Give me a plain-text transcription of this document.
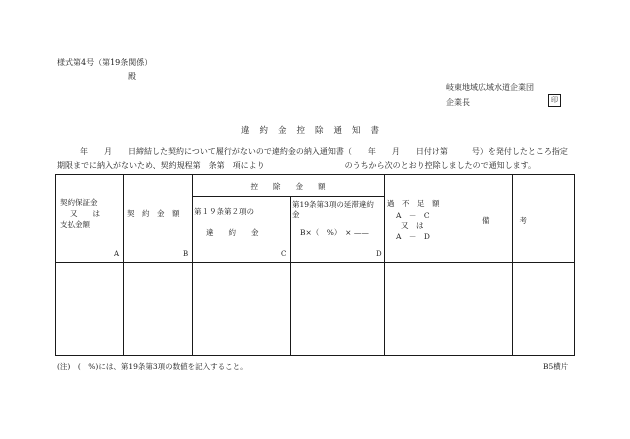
様式第4号（第19条関係）
殿
岐東地域広域水道企業団
企業長	印
違約金控除通知書
年　　月　　日締結した契約について履行がないので違約金の納入通知書（　　年　　月　　日付け第　　　号）を発付したところ指定
期限までに納入がないため、契約規程第　条第　項により　　　　　　　　　　のうちから次のとおり控除しましたので通知します。
契約保証金
又　　は
支払金額
A
契　約　金　額
B
控　　除　　金　　額
第１９条第２項の
違　　約　　金
C
第19条第3項の延滞違約
金
B×（　%）　× ——
D
過　不　足　額
A　－　C
又　は
A　－　D
備　　　　考
(注)　(　%)には、第19条第3項の数値を記入すること。	B5横片
